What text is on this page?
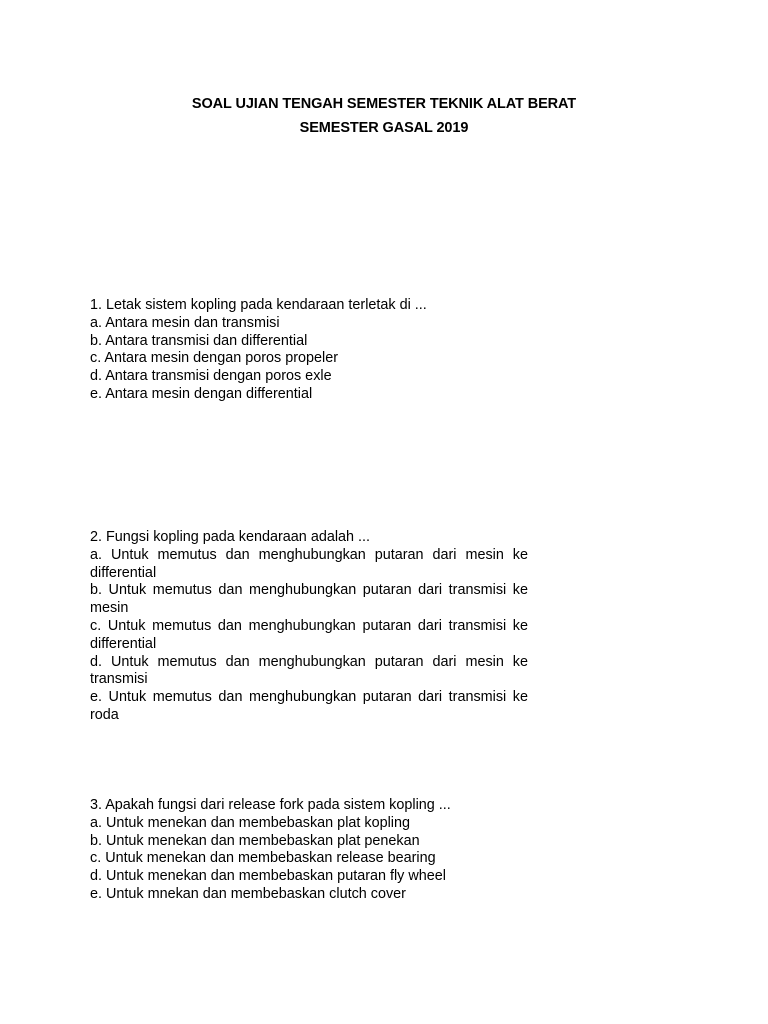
SOAL UJIAN TENGAH SEMESTER TEKNIK ALAT BERAT
SEMESTER GASAL 2019

1. Letak sistem kopling pada kendaraan terletak di ...

a. Antara mesin dan transmisi

b. Antara transmisi dan differential

c. Antara mesin dengan poros propeler

d. Antara transmisi dengan poros exle

e. Antara mesin dengan differential

2. Fungsi kopling pada kendaraan adalah ...

a. Untuk memutus dan menghubungkan putaran dari mesin ke differential

b. Untuk memutus dan menghubungkan putaran dari transmisi ke mesin

c. Untuk memutus dan menghubungkan putaran dari transmisi ke differential

d. Untuk memutus dan menghubungkan putaran dari mesin ke transmisi

e. Untuk memutus dan menghubungkan putaran dari transmisi ke roda

3. Apakah fungsi dari release fork pada sistem kopling ...

a. Untuk menekan dan membebaskan plat kopling

b. Untuk menekan dan membebaskan plat penekan

c. Untuk menekan dan membebaskan release bearing

d. Untuk menekan dan membebaskan putaran fly wheel

e. Untuk mnekan dan membebaskan clutch cover
